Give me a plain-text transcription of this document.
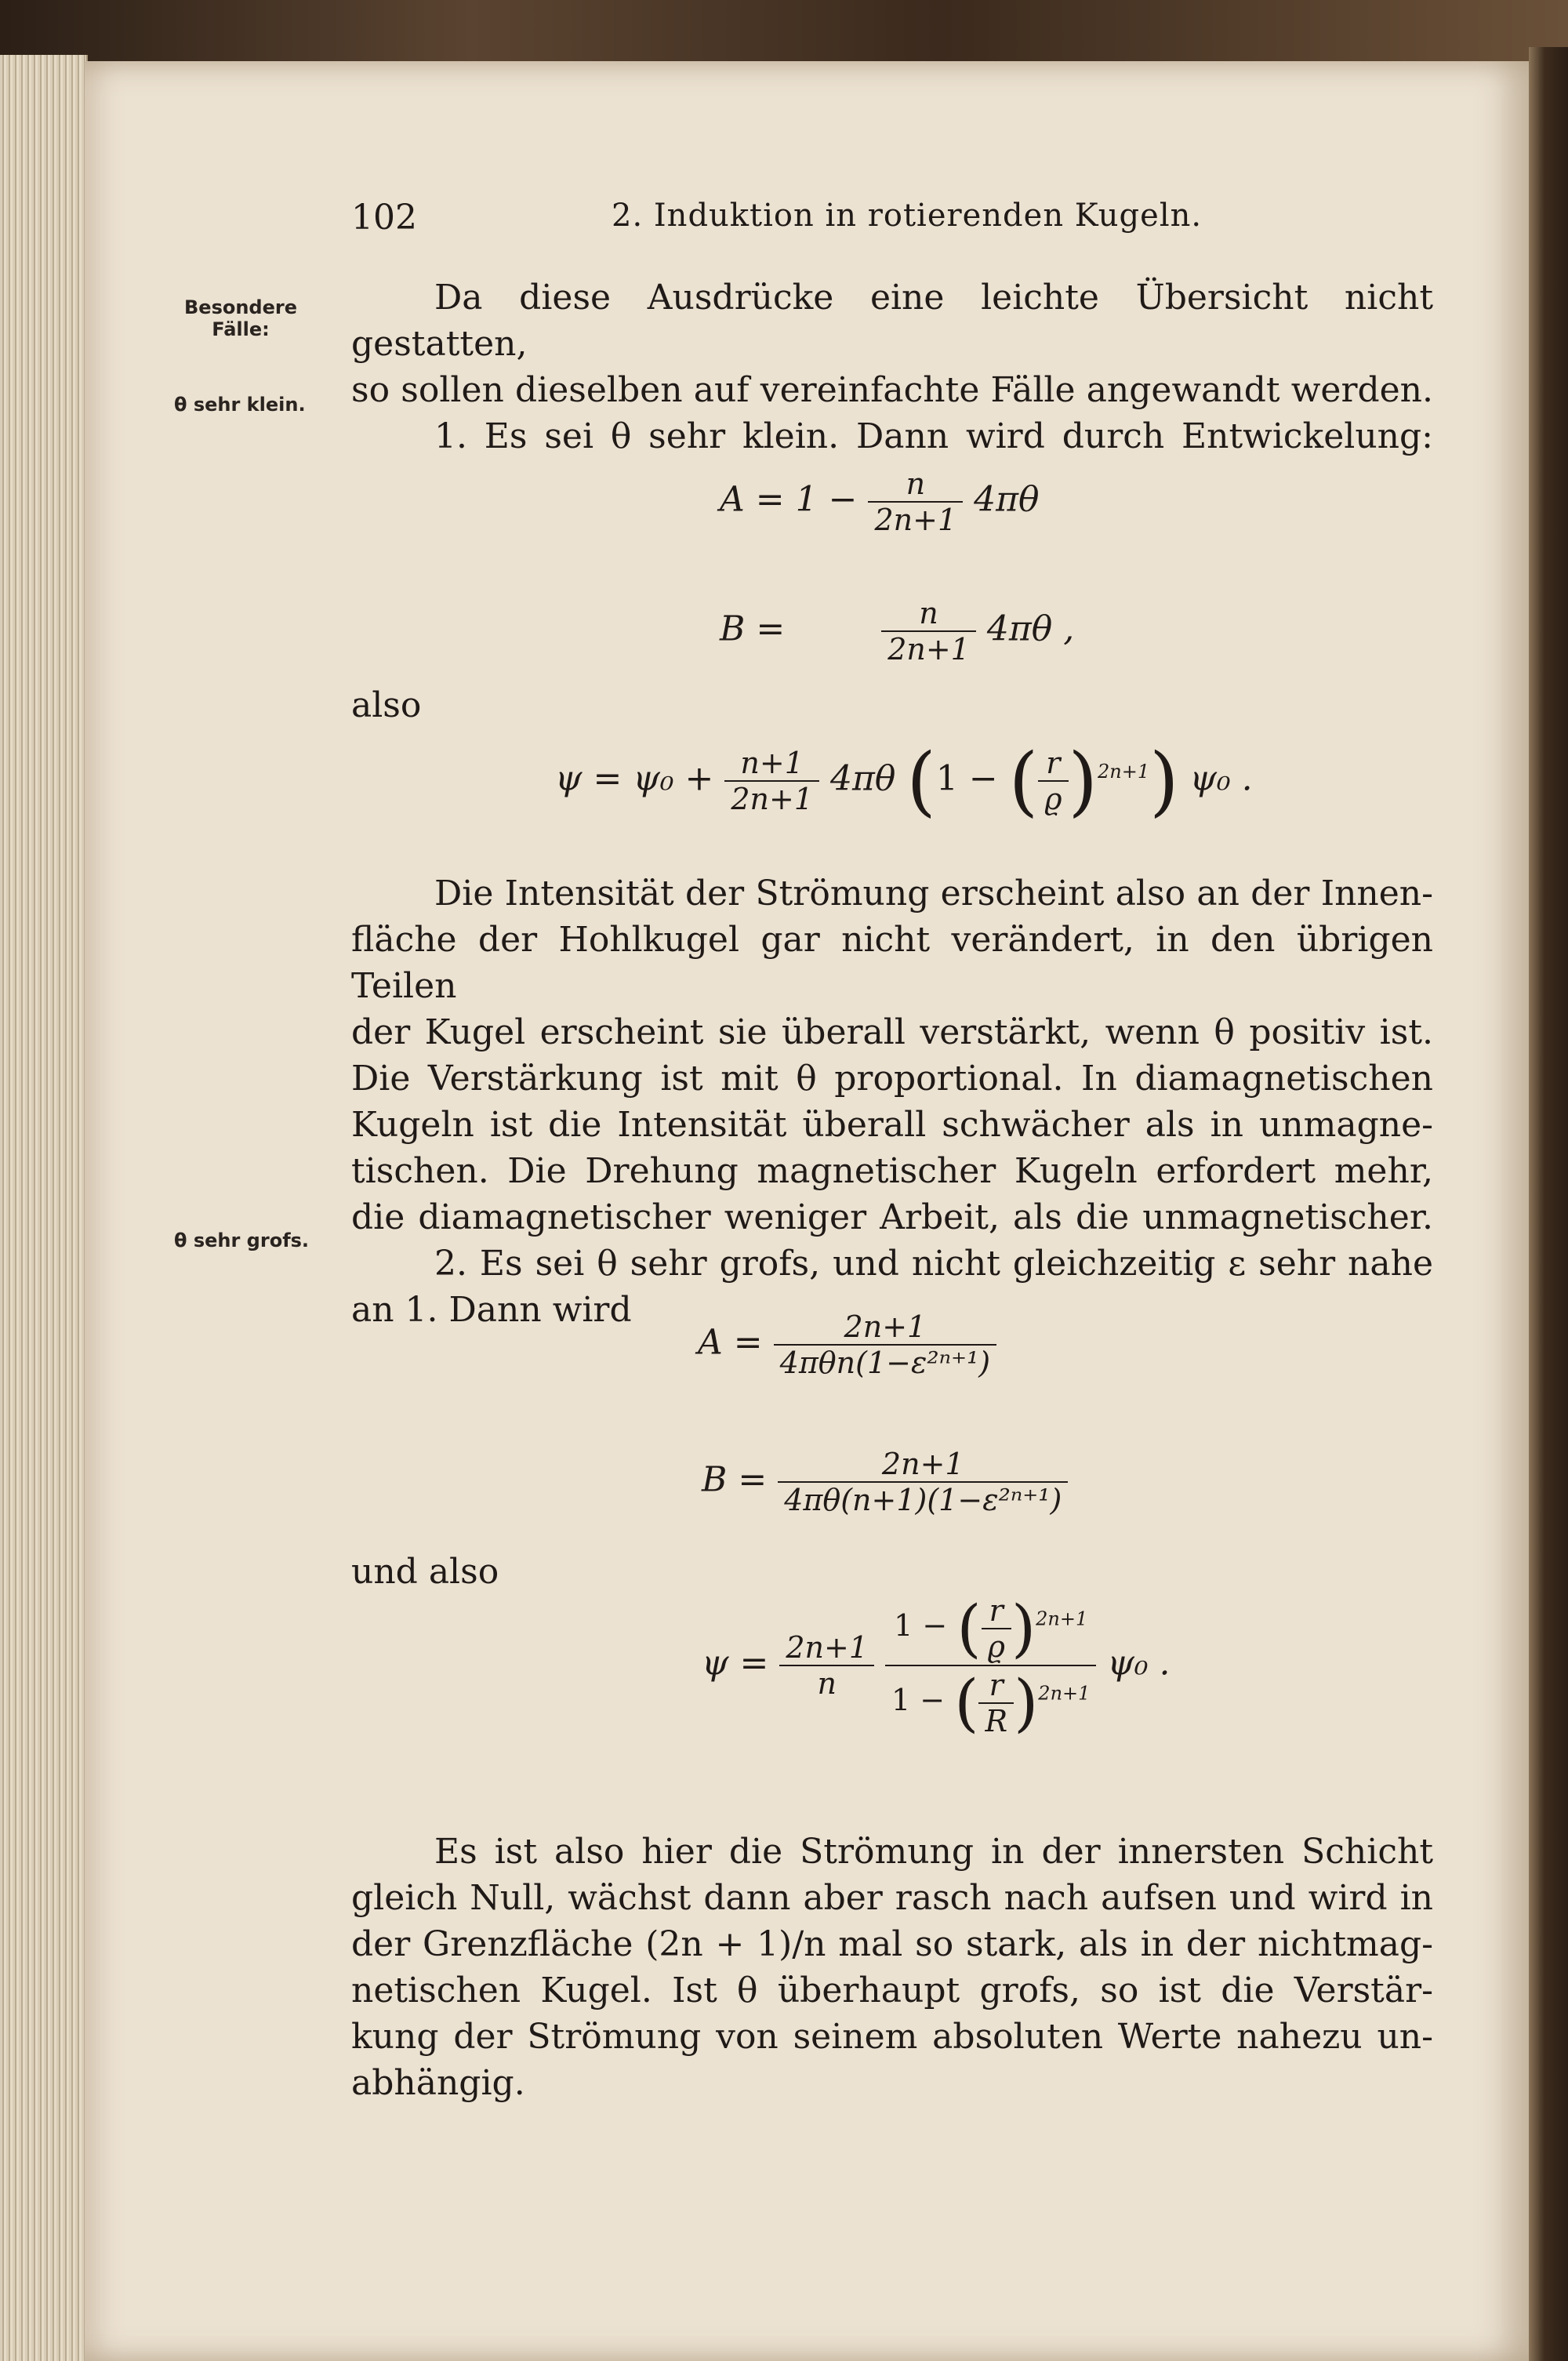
102	2. Induktion in rotierenden Kugeln.
Besondere Fälle:
θ sehr klein.
θ sehr grofs.
Da diese Ausdrücke eine leichte Übersicht nicht gestatten,
so sollen dieselben auf vereinfachte Fälle angewandt werden.
1. Es sei θ sehr klein. Dann wird durch Entwickelung:
$A = 1 - \frac{n}{2n+1} 4\pi\theta$
B =	$\frac{n}{2n+1} 4\pi\theta$ ,
also
$\psi = \psi_0 + \frac{n+1}{2n+1} 4\pi\theta$ (1 − ( $\frac{r}{ϱ} )^{2n+1}$) ψ₀ .
Die Intensität der Strömung erscheint also an der Innen-
fläche der Hohlkugel gar nicht verändert, in den übrigen Teilen
der Kugel erscheint sie überall verstärkt, wenn θ positiv ist.
Die Verstärkung ist mit θ proportional. In diamagnetischen
Kugeln ist die Intensität überall schwächer als in unmagne-
tischen. Die Drehung magnetischer Kugeln erfordert mehr,
die diamagnetischer weniger Arbeit, als die unmagnetischer.
2. Es sei θ sehr grofs, und nicht gleichzeitig ε sehr nahe
an 1. Dann wird
$A = \frac{2n+1}{\text{4πθn(1−ε²ⁿ⁺¹)}}$
$B = \frac{2n+1}{\text{4πθ(n+1)(1−ε²ⁿ⁺¹)}}$
und also
$\psi = \frac{2n+1}{n}$
$\frac{1 - ( \frac{r}{ϱ} )^{2n+1}}{1 - ( \frac{r}{R} )^{2n+1}} \psi_0$ .
Es ist also hier die Strömung in der innersten Schicht
gleich Null, wächst dann aber rasch nach aufsen und wird in
der Grenzfläche (2n + 1)/n mal so stark, als in der nichtmag-
netischen Kugel. Ist θ überhaupt grofs, so ist die Verstär-
kung der Strömung von seinem absoluten Werte nahezu un-
abhängig.
